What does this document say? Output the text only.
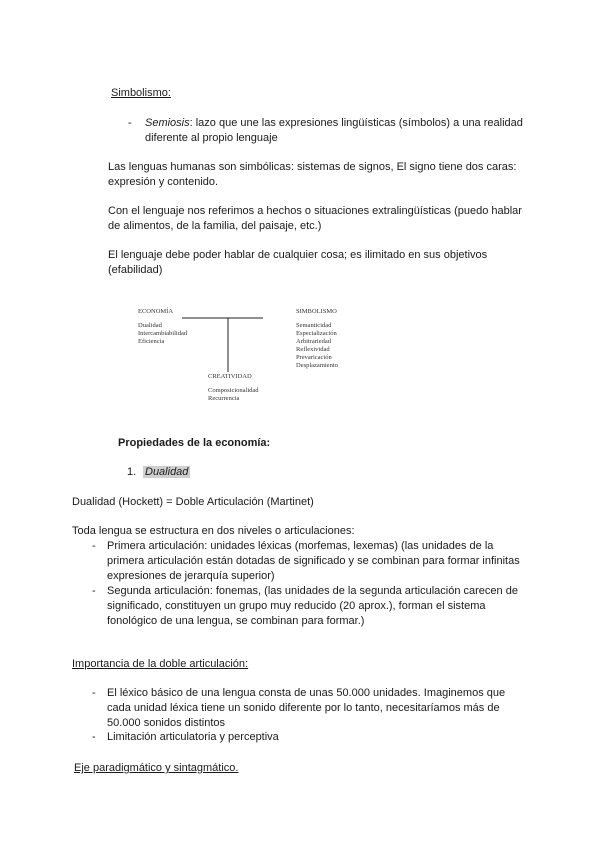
Simbolismo:
- Semiosis: lazo que une las expresiones lingüísticas (símbolos) a una realidad diferente al propio lenguaje
Las lenguas humanas son simbólicas: sistemas de signos, El signo tiene dos caras: expresión y contenido.
Con el lenguaje nos referimos a hechos o situaciones extralingüísticas (puedo hablar de alimentos, de la familia, del paisaje, etc.)
El lenguaje debe poder hablar de cualquier cosa; es ilimitado en sus objetivos (efabilidad)
ECONOMÍA
Dualidad
Intercambiabilidad
Eficiencia
SIMBOLISMO
Semanticidad
Especialización
Arbitrariedad
Reflexividad
Prevaricación
Desplazamiento
CREATIVIDAD
Composicionalidad
Recurrencia
Propiedades de la economía:
1. Dualidad
Dualidad (Hockett) = Doble Articulación (Martinet)
Toda lengua se estructura en dos niveles o articulaciones:
- Primera articulación: unidades léxicas (morfemas, lexemas) (las unidades de la primera articulación están dotadas de significado y se combinan para formar infinitas expresiones de jerarquía superior)
- Segunda articulación: fonemas, (las unidades de la segunda articulación carecen de significado, constituyen un grupo muy reducido (20 aprox.), forman el sistema fonológico de una lengua, se combinan para formar.)
Importancia de la doble articulación:
- El léxico básico de una lengua consta de unas 50.000 unidades. Imaginemos que cada unidad léxica tiene un sonido diferente por lo tanto, necesitaríamos más de 50.000 sonidos distintos
- Limitación articulatoria y perceptiva
Eje paradigmático y sintagmático.
